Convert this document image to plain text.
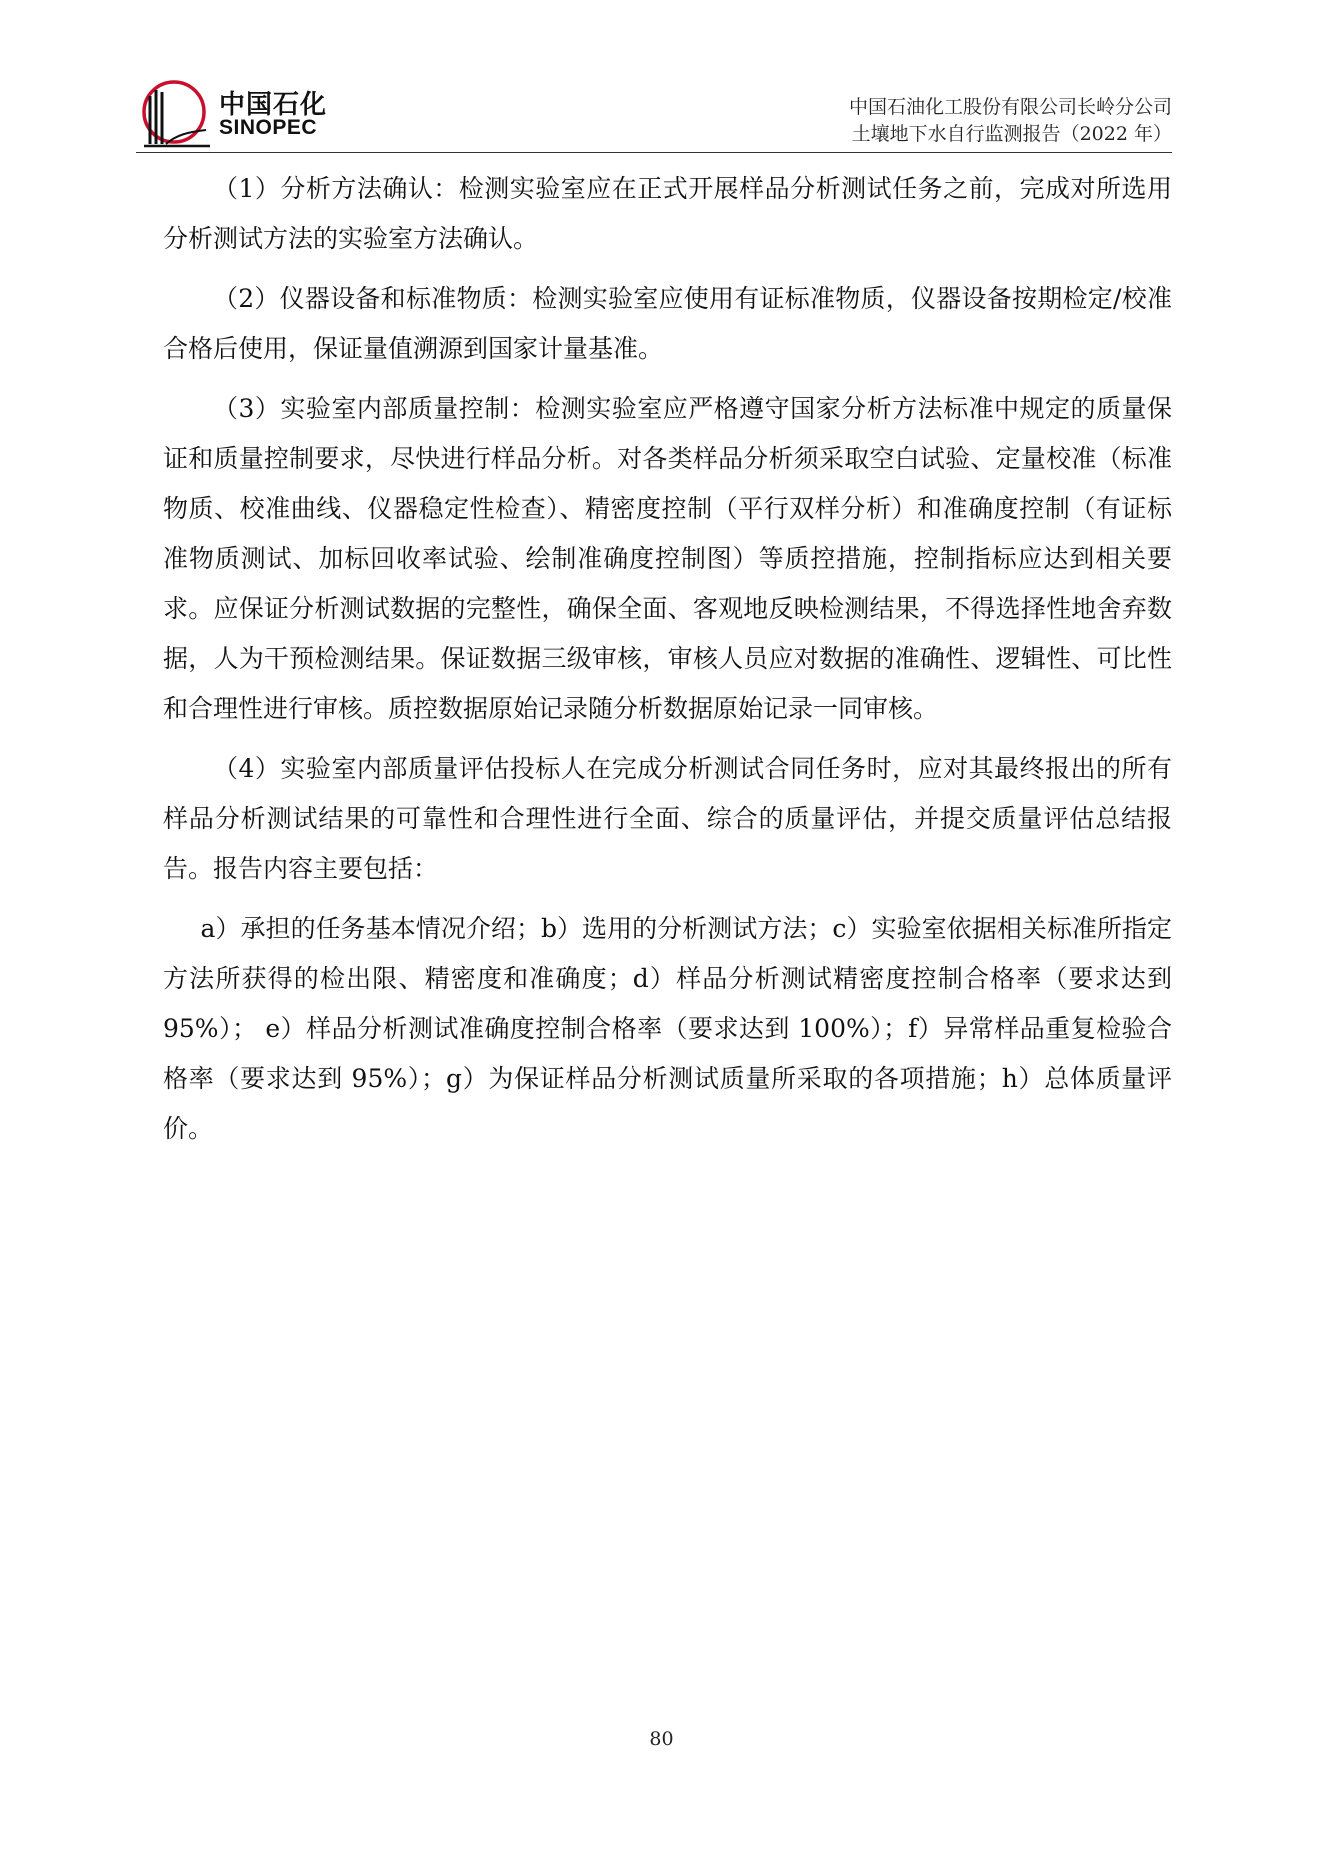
中国石化
SINOPEC
中国石油化工股份有限公司长岭分公司
土壤地下水自行监测报告（2022 年）

（1）分析方法确认：检测实验室应在正式开展样品分析测试任务之前，完成对所选用分析测试方法的实验室方法确认。

（2）仪器设备和标准物质：检测实验室应使用有证标准物质，仪器设备按期检定/校准合格后使用，保证量值溯源到国家计量基准。

（3）实验室内部质量控制：检测实验室应严格遵守国家分析方法标准中规定的质量保证和质量控制要求，尽快进行样品分析。对各类样品分析须采取空白试验、定量校准（标准物质、校准曲线、仪器稳定性检查）、精密度控制（平行双样分析）和准确度控制（有证标准物质测试、加标回收率试验、绘制准确度控制图）等质控措施，控制指标应达到相关要求。应保证分析测试数据的完整性，确保全面、客观地反映检测结果，不得选择性地舍弃数据，人为干预检测结果。保证数据三级审核，审核人员应对数据的准确性、逻辑性、可比性和合理性进行审核。质控数据原始记录随分析数据原始记录一同审核。

（4）实验室内部质量评估投标人在完成分析测试合同任务时，应对其最终报出的所有样品分析测试结果的可靠性和合理性进行全面、综合的质量评估，并提交质量评估总结报告。报告内容主要包括：

a）承担的任务基本情况介绍；b）选用的分析测试方法；c）实验室依据相关标准所指定方法所获得的检出限、精密度和准确度；d）样品分析测试精密度控制合格率（要求达到 95%）； e）样品分析测试准确度控制合格率（要求达到 100%）；f）异常样品重复检验合格率（要求达到 95%）；g）为保证样品分析测试质量所采取的各项措施；h）总体质量评价。

80
